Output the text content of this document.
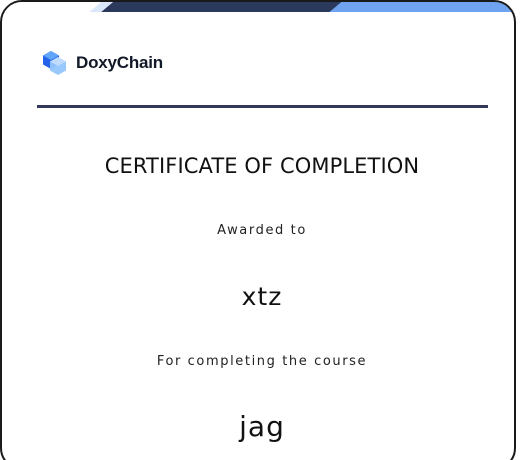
DoxyChain
CERTIFICATE OF COMPLETION
Awarded to
xtz
For completing the course
jag
